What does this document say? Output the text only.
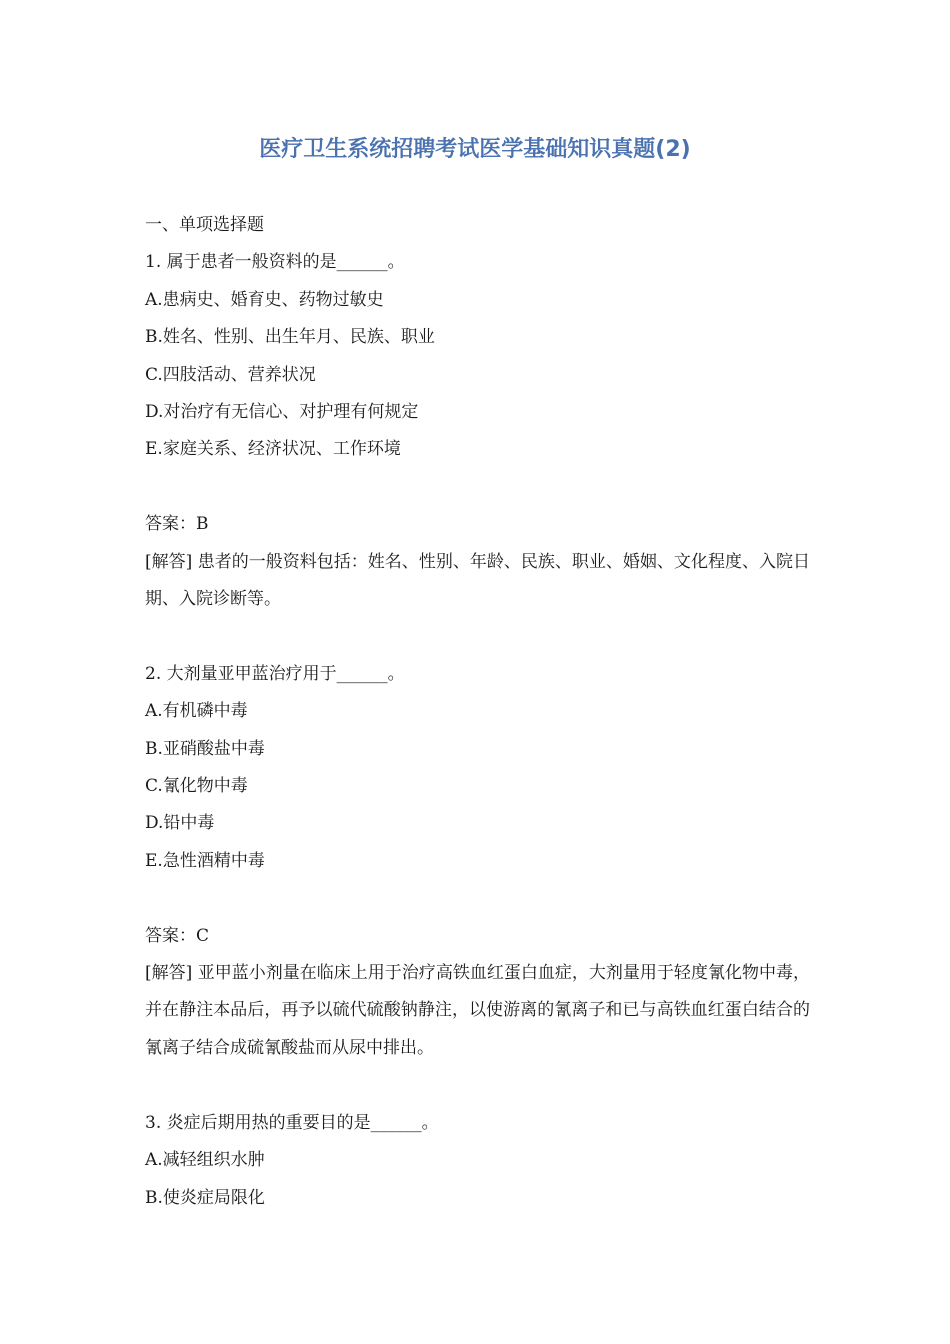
医疗卫生系统招聘考试医学基础知识真题(2)
一、单项选择题
1. 属于患者一般资料的是______。
A.患病史、婚育史、药物过敏史
B.姓名、性别、出生年月、民族、职业
C.四肢活动、营养状况
D.对治疗有无信心、对护理有何规定
E.家庭关系、经济状况、工作环境
答案：B
[解答] 患者的一般资料包括：姓名、性别、年龄、民族、职业、婚姻、文化程度、入院日期、入院诊断等。
2. 大剂量亚甲蓝治疗用于______。
A.有机磷中毒
B.亚硝酸盐中毒
C.氰化物中毒
D.铅中毒
E.急性酒精中毒
答案：C
[解答] 亚甲蓝小剂量在临床上用于治疗高铁血红蛋白血症，大剂量用于轻度氰化物中毒，并在静注本品后，再予以硫代硫酸钠静注，以使游离的氰离子和已与高铁血红蛋白结合的氰离子结合成硫氰酸盐而从尿中排出。
3. 炎症后期用热的重要目的是______。
A.减轻组织水肿
B.使炎症局限化
